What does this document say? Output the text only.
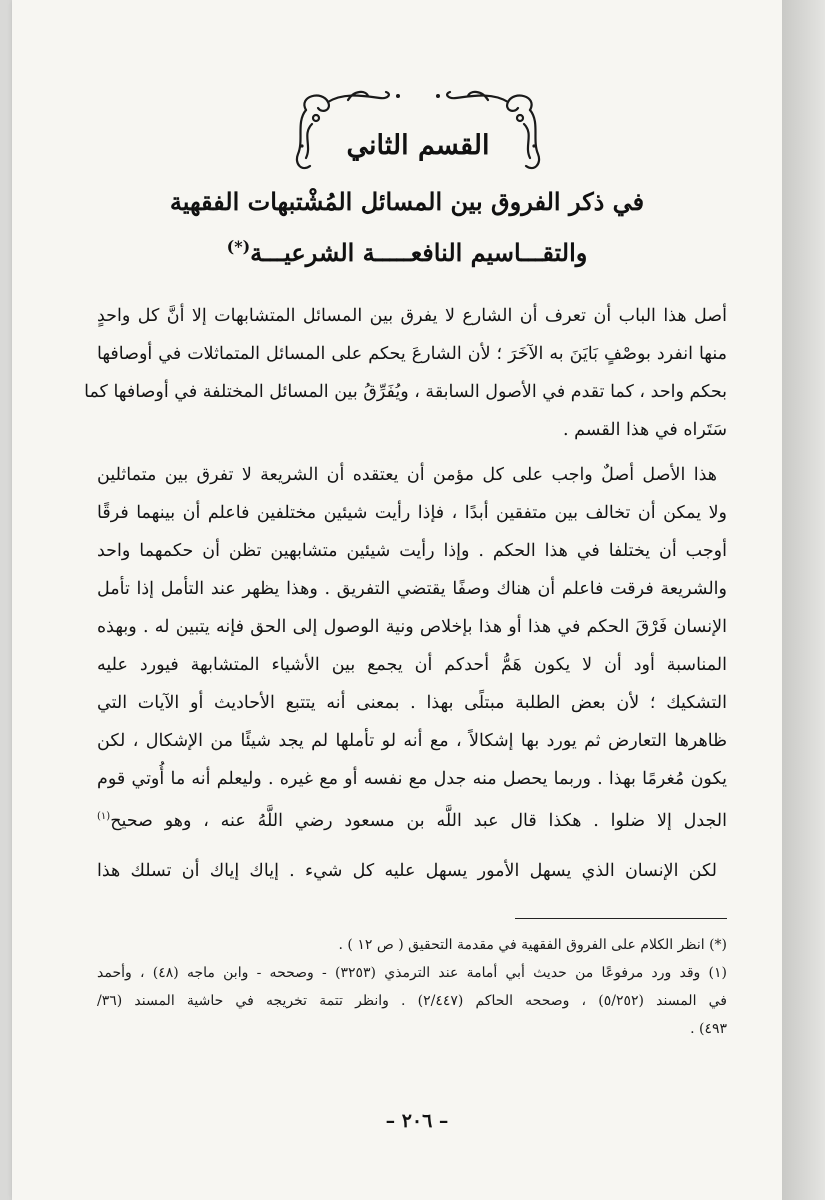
القسم الثاني
في ذكر الفروق بين المسائل المُشْتبهات الفقهية
والتقـــاسيم النافعـــــة الشرعيـــة(*)
أصل هذا الباب أن تعرف أن الشارع لا يفرق بين المسائل المتشابهات إلا أنَّ كل واحدٍ
منها انفرد بوصْفٍ بَايَنَ به الآخَرَ ؛ لأن الشارعَ يحكم على المسائل المتماثلات في أوصافها
بحكم واحد ، كما تقدم في الأصول السابقة ، ويُفَرِّقُ بين المسائل المختلفة في أوصافها كما
سَتَراه في هذا القسم .
هذا الأصل أصلٌ واجب على كل مؤمن أن يعتقده أن الشريعة لا تفرق بين متماثلين
ولا يمكن أن تخالف بين متفقين أبدًا ، فإذا رأيت شيئين مختلفين فاعلم أن بينهما فرقًا
أوجب أن يختلفا في هذا الحكم . وإذا رأيت شيئين متشابهين تظن أن حكمهما واحد
والشريعة فرقت فاعلم أن هناك وصفًا يقتضي التفريق . وهذا يظهر عند التأمل إذا تأمل
الإنسان فَرْقَ الحكم في هذا أو هذا بإخلاص ونية الوصول إلى الحق فإنه يتبين له . وبهذه
المناسبة أود أن لا يكون هَمُّ أحدكم أن يجمع بين الأشياء المتشابهة فيورد عليه
التشكيك ؛ لأن بعض الطلبة مبتلًى بهذا . بمعنى أنه يتتبع الأحاديث أو الآيات التي
ظاهرها التعارض ثم يورد بها إشكالاً ، مع أنه لو تأملها لم يجد شيئًا من الإشكال ، لكن
يكون مُغرمًا بهذا . وربما يحصل منه جدل مع نفسه أو مع غيره . وليعلم أنه ما أُوتي قوم
الجدل إلا ضلوا . هكذا قال عبد اللَّه بن مسعود رضي اللَّهُ عنه ، وهو صحيح$^{(١)}$
لكن الإنسان الذي يسهل الأمور يسهل عليه كل شيء . إياك إياك أن تسلك هذا
(*) انظر الكلام على الفروق الفقهية في مقدمة التحقيق ( ص ١٢ ) .
(١) وقد ورد مرفوعًا من حديث أبي أمامة عند الترمذي (٣٢٥٣) - وصححه - وابن ماجه (٤٨) ، وأحمد
في المسند (٥/٢٥٢) ، وصححه الحاكم (٢/٤٤٧) . وانظر تتمة تخريجه في حاشية المسند (٣٦/
٤٩٣) .
– ٢٠٦ –
